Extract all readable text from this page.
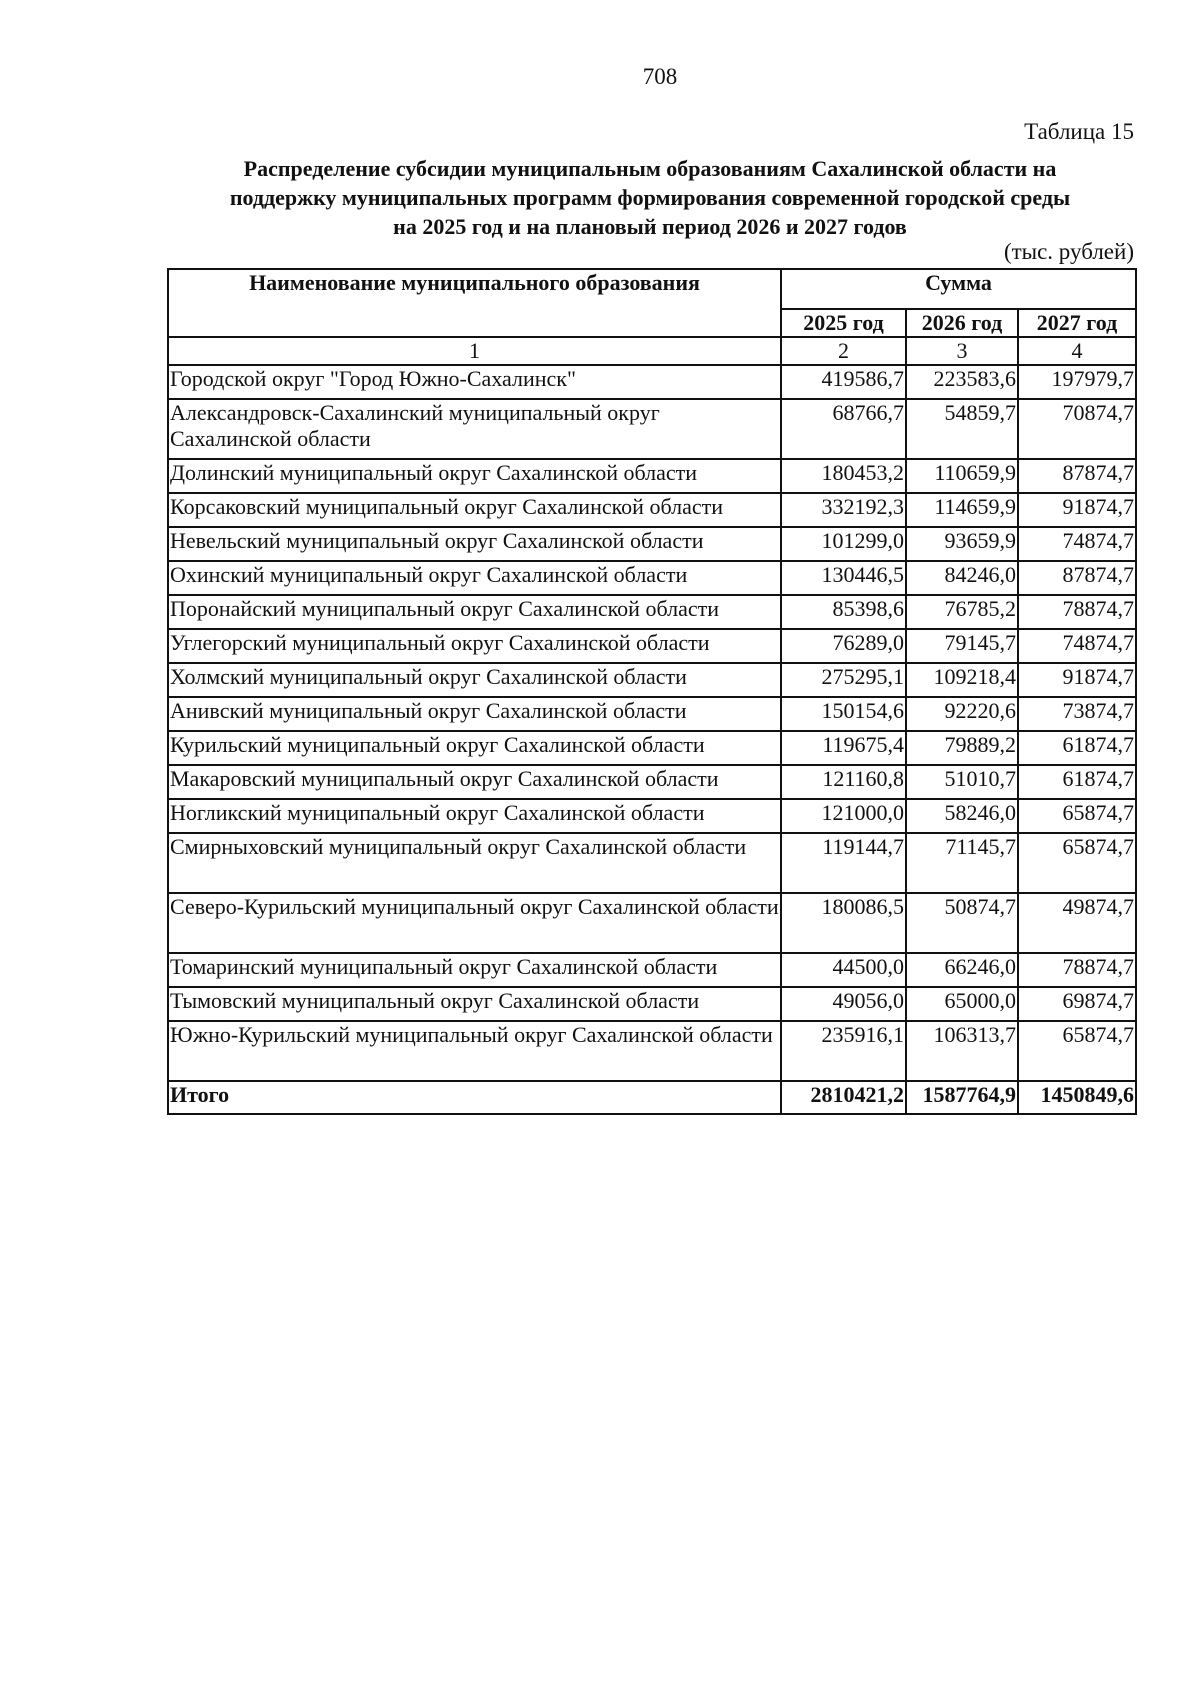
708
Таблица 15
Распределение субсидии муниципальным образованиям Сахалинской области на
поддержку муниципальных программ формирования современной городской среды
на 2025 год и на плановый период 2026 и 2027 годов
(тыс. рублей)
Наименование муниципального образования	Сумма		
	2025 год	2026 год	2027 год
1	2	3	4
Городской округ "Город Южно-Сахалинск"	419586,7	223583,6	197979,7
Александровск-Сахалинский муниципальный округ Сахалинской области	68766,7	54859,7	70874,7
Долинский муниципальный округ Сахалинской области	180453,2	110659,9	87874,7
Корсаковский муниципальный округ Сахалинской области	332192,3	114659,9	91874,7
Невельский муниципальный округ Сахалинской области	101299,0	93659,9	74874,7
Охинский муниципальный округ Сахалинской области	130446,5	84246,0	87874,7
Поронайский муниципальный округ Сахалинской области	85398,6	76785,2	78874,7
Углегорский муниципальный округ Сахалинской области	76289,0	79145,7	74874,7
Холмский муниципальный округ Сахалинской области	275295,1	109218,4	91874,7
Анивский муниципальный округ Сахалинской области	150154,6	92220,6	73874,7
Курильский муниципальный округ Сахалинской области	119675,4	79889,2	61874,7
Макаровский муниципальный округ Сахалинской области	121160,8	51010,7	61874,7
Ногликский муниципальный округ Сахалинской области	121000,0	58246,0	65874,7
Смирныховский муниципальный округ Сахалинской области	119144,7	71145,7	65874,7
Северо-Курильский муниципальный округ Сахалинской области	180086,5	50874,7	49874,7
Томаринский муниципальный округ Сахалинской области	44500,0	66246,0	78874,7
Тымовский муниципальный округ Сахалинской области	49056,0	65000,0	69874,7
Южно-Курильский муниципальный округ Сахалинской области	235916,1	106313,7	65874,7
Итого	2810421,2	1587764,9	1450849,6
